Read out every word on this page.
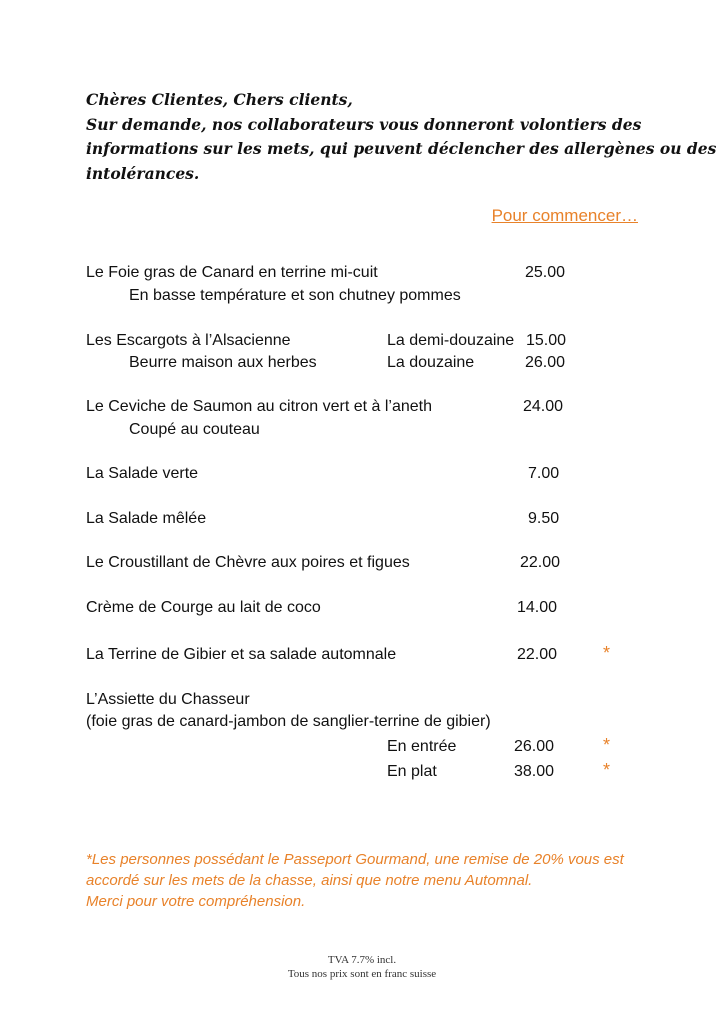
Chères Clientes, Chers clients,
Sur demande, nos collaborateurs vous donneront volontiers des
informations sur les mets, qui peuvent déclencher des allergènes ou des
intolérances.
Pour commencer…
Le Foie gras de Canard en terrine mi-cuit	25.00
En basse température et son chutney pommes
Les Escargots à l’Alsacienne	La demi-douzaine 15.00
Beurre maison aux herbes	La douzaine	26.00
Le Ceviche de Saumon au citron vert et à l’aneth	24.00
Coupé au couteau
La Salade verte	7.00
La Salade mêlée	9.50
Le Croustillant de Chèvre aux poires et figues	22.00
Crème de Courge au lait de coco	14.00
La Terrine de Gibier et sa salade automnale	22.00	*
L’Assiette du Chasseur
(foie gras de canard-jambon de sanglier-terrine de gibier)
En entrée	26.00	*
En plat	38.00	*
*Les personnes possédant le Passeport Gourmand, une remise de 20% vous est
accordé sur les mets de la chasse, ainsi que notre menu Automnal.
Merci pour votre compréhension.
TVA 7.7% incl.
Tous nos prix sont en franc suisse
